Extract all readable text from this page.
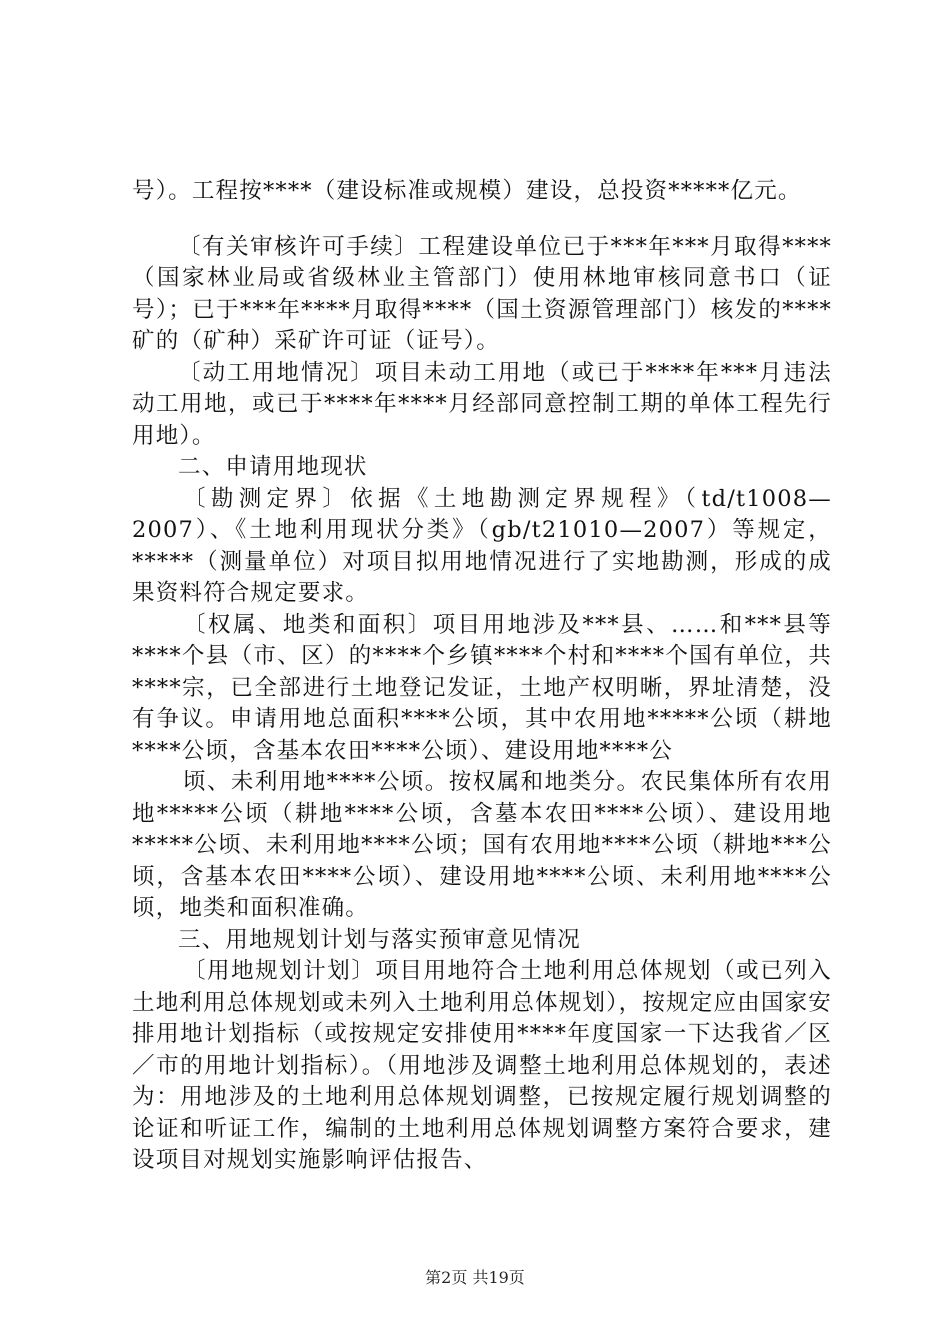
号）。工程按****（建设标准或规模）建设，总投资*****亿元。

〔有关审核许可手续〕工程建设单位已于***年***月取得****（国家林业局或省级林业主管部门）使用林地审核同意书口（证号）；已于***年****月取得****（国土资源管理部门）核发的****矿的（矿种）采矿许可证（证号）。

〔动工用地情况〕项目未动工用地（或已于****年***月违法动工用地，或已于****年****月经部同意控制工期的单体工程先行用地）。

二、申请用地现状

〔勘测定界〕依据《土地勘测定界规程》（td/t1008—2007）、《土地利用现状分类》（gb/t21010—2007）等规定，*****（测量单位）对项目拟用地情况进行了实地勘测，形成的成果资料符合规定要求。

〔权属、地类和面积〕项目用地涉及***县、……和***县等****个县（市、区）的****个乡镇****个村和****个国有单位，共****宗，已全部进行土地登记发证，土地产权明晰，界址清楚，没有争议。申请用地总面积****公顷，其中农用地*****公顷（耕地****公顷，含基本农田****公顷）、建设用地****公

顷、未利用地****公顷。按权属和地类分。农民集体所有农用地*****公顷（耕地****公顷，含墓本农田****公顷）、建设用地*****公顷、未利用地****公顷；国有农用地****公顷（耕地***公顷，含基本农田****公顷）、建设用地****公顷、未利用地****公顷，地类和面积准确。

三、用地规划计划与落实预审意见情况

〔用地规划计划〕项目用地符合土地利用总体规划（或已列入土地利用总体规划或未列入土地利用总体规划），按规定应由国家安排用地计划指标（或按规定安排使用****年度国家一下达我省／区／市的用地计划指标）。（用地涉及调整土地利用总体规划的，表述为：用地涉及的土地利用总体规划调整，已按规定履行规划调整的论证和听证工作，编制的土地利用总体规划调整方案符合要求，建设项目对规划实施影响评估报告、

第2页 共19页
